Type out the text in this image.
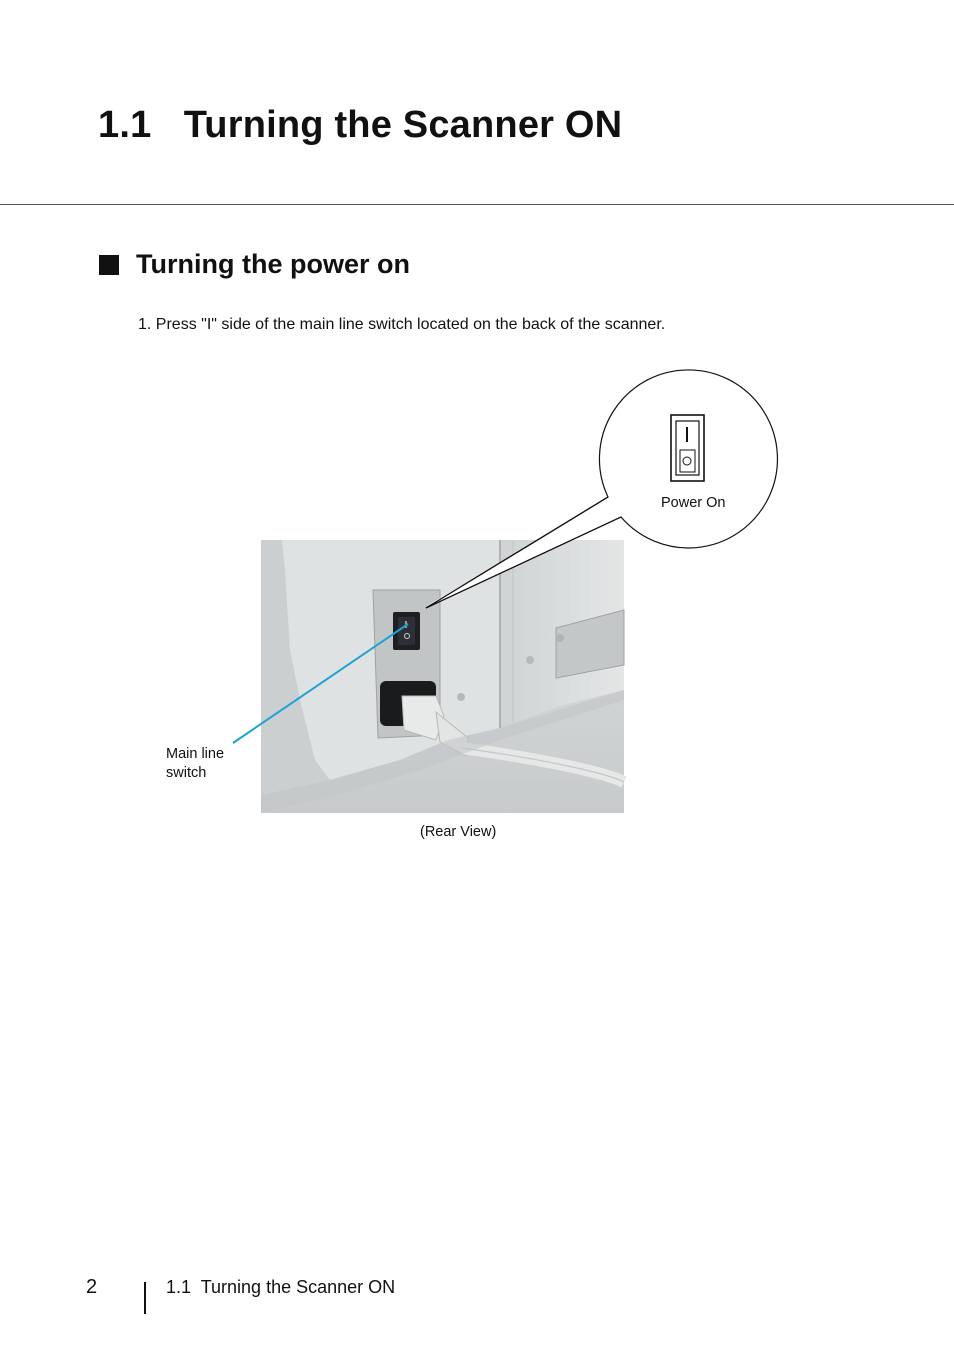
1.1   Turning the Scanner ON
Turning the power on

1. Press "I" side of the main line switch located on the back of the scanner.

Power On
Main line
switch
(Rear View)
2	1.1  Turning the Scanner ON
